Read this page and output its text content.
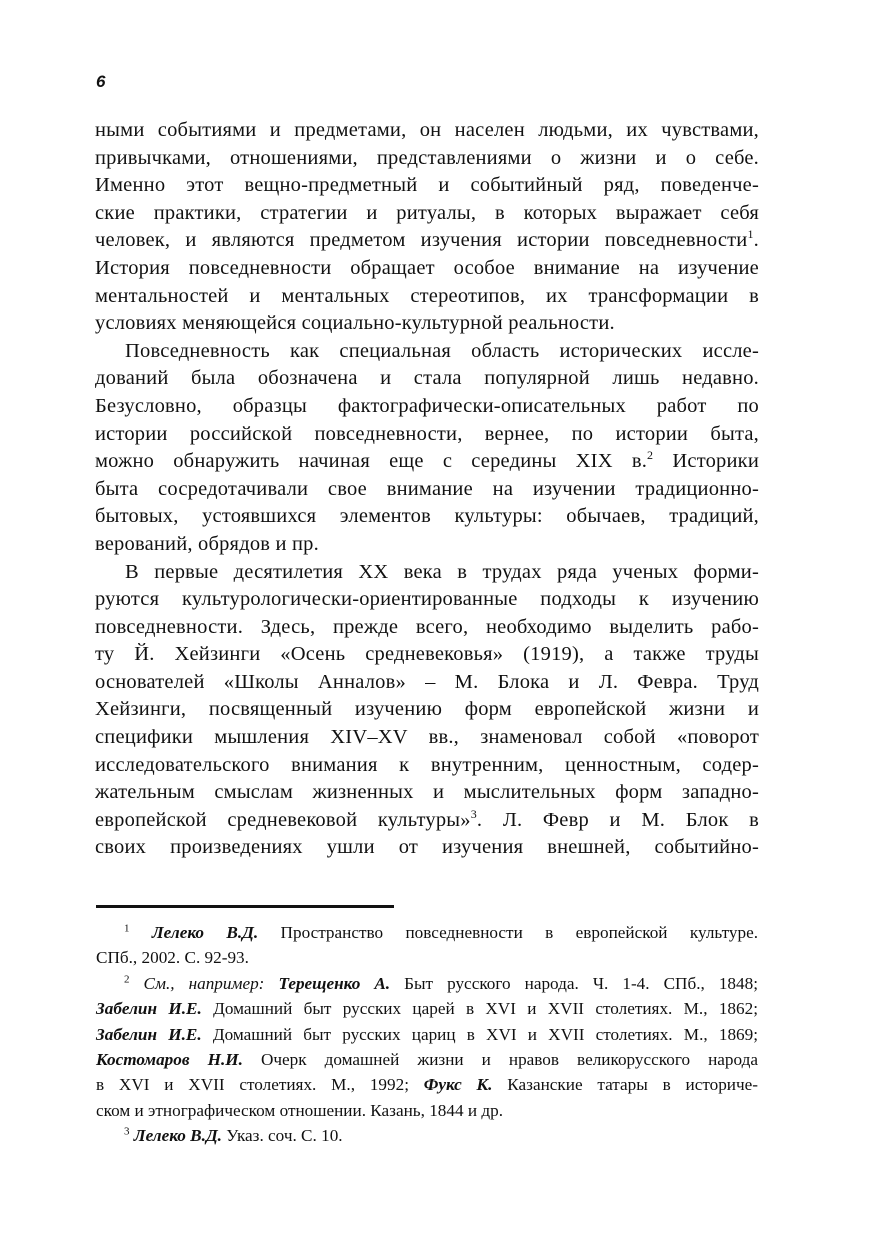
6

ными событиями и предметами, он населен людьми, их чувствами,
привычками, отношениями, представлениями о жизни и о себе.
Именно этот вещно-предметный и событийный ряд, поведенче-
ские практики, стратегии и ритуалы, в которых выражает себя
человек, и являются предметом изучения истории повседневности$^1$.
История повседневности обращает особое внимание на изучение
ментальностей и ментальных стереотипов, их трансформации в
условиях меняющейся социально-культурной реальности.

Повседневность как специальная область исторических иссле-
дований была обозначена и стала популярной лишь недавно.
Безусловно, образцы фактографически-описательных работ по
истории российской повседневности, вернее, по истории быта,
можно обнаружить начиная еще с середины XIX в.$^2$ Историки
быта сосредотачивали свое внимание на изучении традиционно-
бытовых, устоявшихся элементов культуры: обычаев, традиций,
верований, обрядов и пр.

В первые десятилетия XX века в трудах ряда ученых форми-
руются культурологически-ориентированные подходы к изучению
повседневности. Здесь, прежде всего, необходимо выделить рабо-
ту Й. Хейзинги «Осень средневековья» (1919), а также труды
основателей «Школы Анналов» – М. Блока и Л. Февра. Труд
Хейзинги, посвященный изучению форм европейской жизни и
специфики мышления XIV–XV вв., знаменовал собой «поворот
исследовательского внимания к внутренним, ценностным, содер-
жательным смыслам жизненных и мыслительных форм западно-
европейской средневековой культуры»$^3$. Л. Февр и М. Блок в
своих произведениях ушли от изучения внешней, событийно-

$^1$ Лелеко В.Д. Пространство повседневности в европейской культуре.
СПб., 2002. С. 92-93.
$^2$ См., например: Терещенко А. Быт русского народа. Ч. 1-4. СПб., 1848;
Забелин И.Е. Домашний быт русских царей в XVI и XVII столетиях. М., 1862;
Забелин И.Е. Домашний быт русских цариц в XVI и XVII столетиях. М., 1869;
Костомаров Н.И. Очерк домашней жизни и нравов великорусского народа
в XVI и XVII столетиях. М., 1992; Фукс К. Казанские татары в историче-
ском и этнографическом отношении. Казань, 1844 и др.
$^3$ Лелеко В.Д. Указ. соч. С. 10.
